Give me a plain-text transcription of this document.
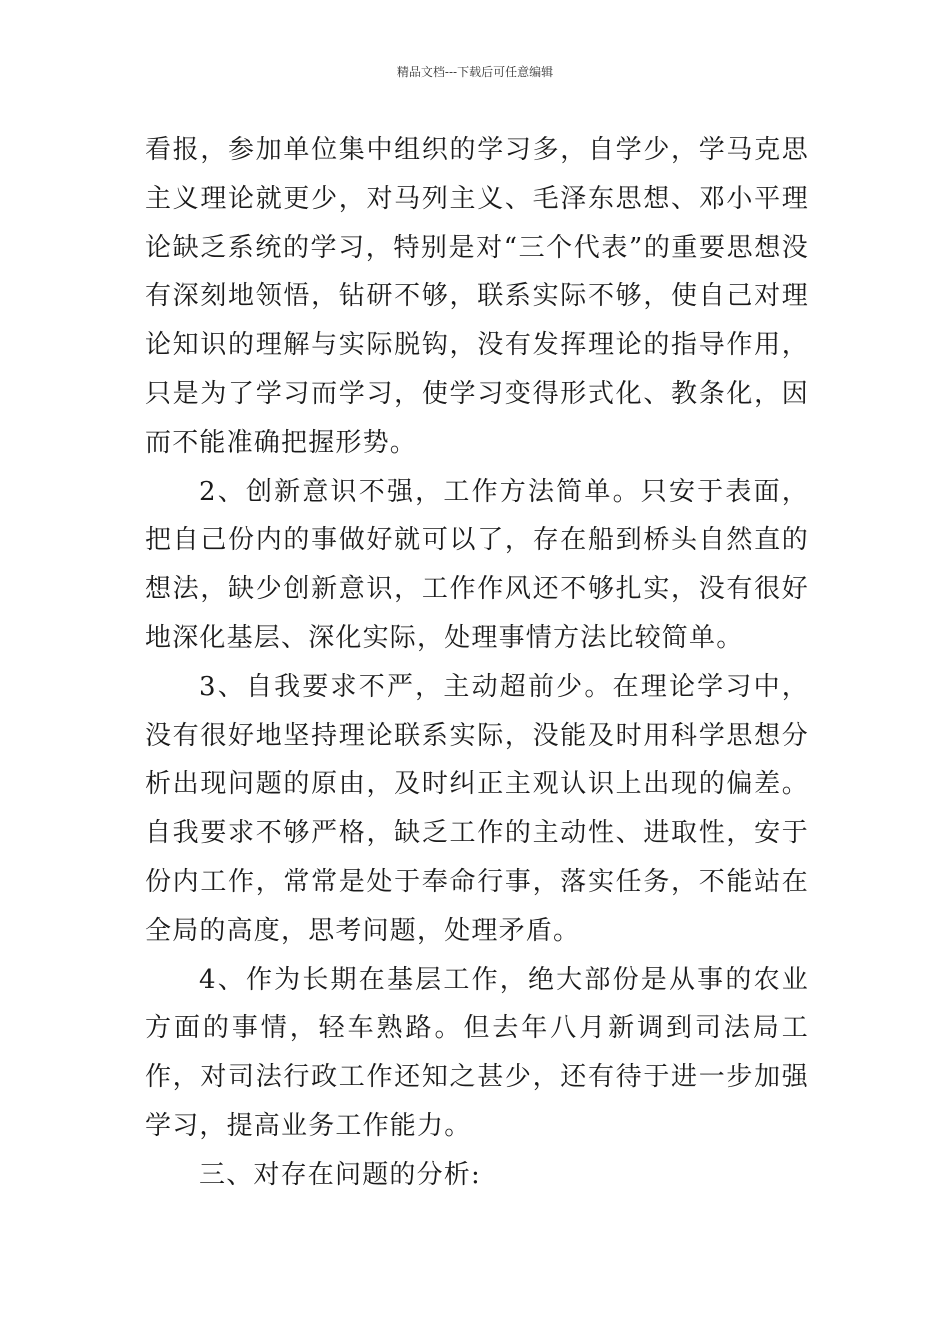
精品文档---下载后可任意编辑

看报，参加单位集中组织的学习多，自学少，学马克思主义理论就更少，对马列主义、毛泽东思想、邓小平理论缺乏系统的学习，特别是对“三个代表”的重要思想没有深刻地领悟，钻研不够，联系实际不够，使自己对理论知识的理解与实际脱钩，没有发挥理论的指导作用，只是为了学习而学习，使学习变得形式化、教条化，因而不能准确把握形势。

2、创新意识不强，工作方法简单。只安于表面，把自己份内的事做好就可以了，存在船到桥头自然直的想法，缺少创新意识，工作作风还不够扎实，没有很好地深化基层、深化实际，处理事情方法比较简单。

3、自我要求不严，主动超前少。在理论学习中，没有很好地坚持理论联系实际，没能及时用科学思想分析出现问题的原由，及时纠正主观认识上出现的偏差。自我要求不够严格，缺乏工作的主动性、进取性，安于份内工作，常常是处于奉命行事，落实任务，不能站在全局的高度，思考问题，处理矛盾。

4、作为长期在基层工作，绝大部份是从事的农业方面的事情，轻车熟路。但去年八月新调到司法局工作，对司法行政工作还知之甚少，还有待于进一步加强学习，提高业务工作能力。

三、对存在问题的分析:
